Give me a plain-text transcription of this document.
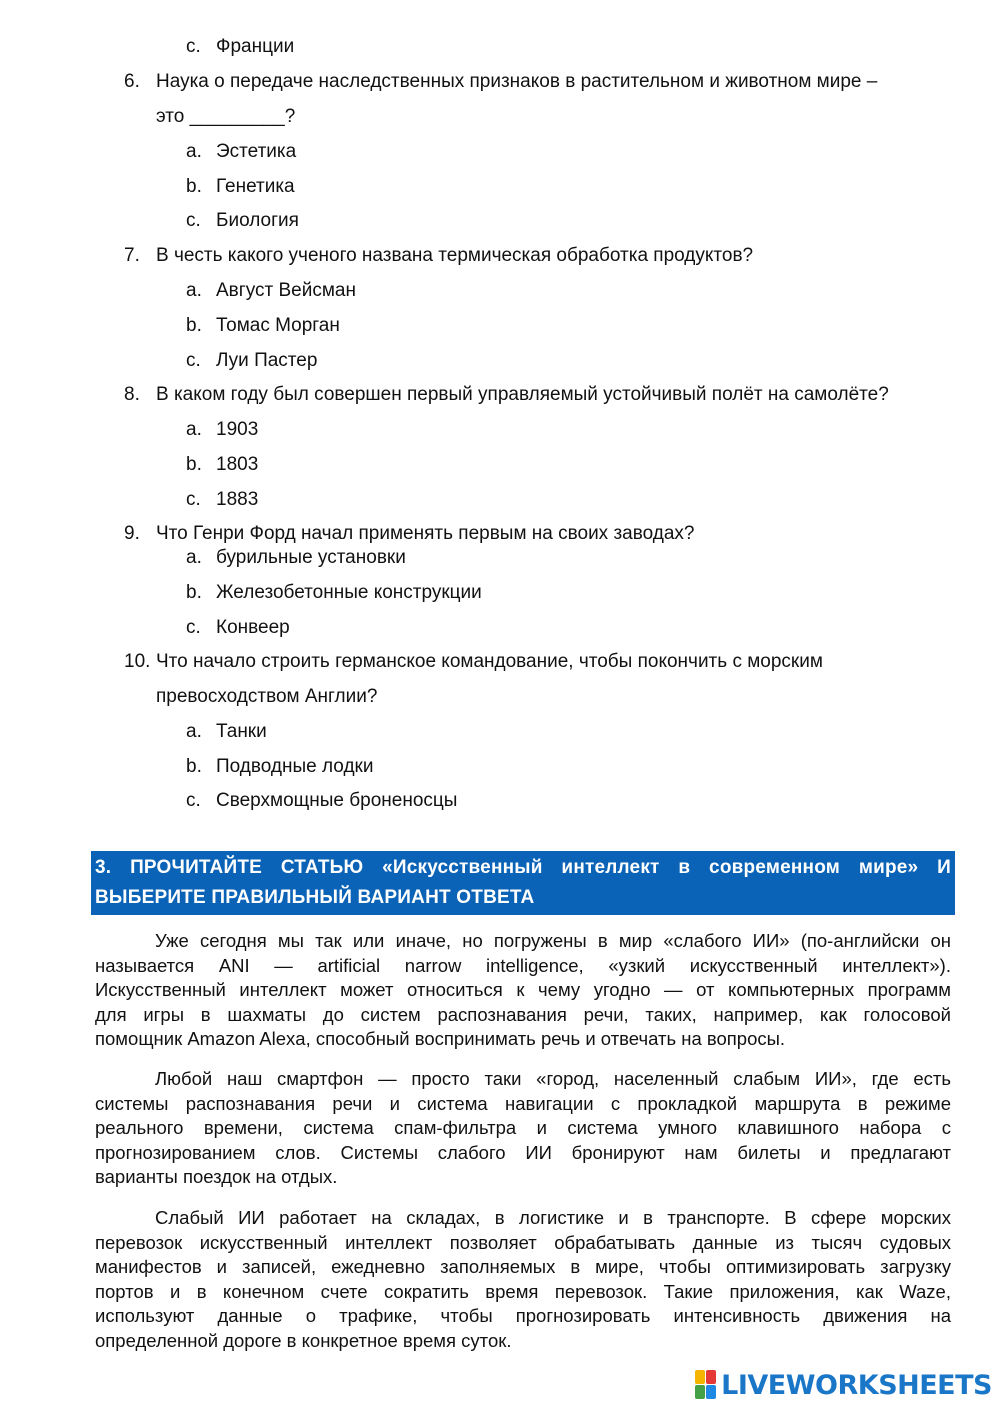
c. Франции
6. Наука о передаче наследственных признаков в растительном и животном мире –
это _________?
a. Эстетика
b. Генетика
c. Биология
7. В честь какого ученого названа термическая обработка продуктов?
a. Август Вейсман
b. Томас Морган
c. Луи Пастер
8. В каком году был совершен первый управляемый устойчивый полёт на самолёте?
a. 1903
b. 1803
c. 1883
9. Что Генри Форд начал применять первым на своих заводах?
a. бурильные установки
b. Железобетонные конструкции
c. Конвеер
10. Что начало строить германское командование, чтобы покончить с морским
превосходством Англии?
a. Танки
b. Подводные лодки
c. Сверхмощные броненосцы
3. ПРОЧИТАЙТЕ СТАТЬЮ «Искусственный интеллект в современном мире» И
ВЫБЕРИТЕ ПРАВИЛЬНЫЙ ВАРИАНТ ОТВЕТА
Уже сегодня мы так или иначе, но погружены в мир «слабого ИИ» (по-английски он
называется ANI — artificial narrow intelligence, «узкий искусственный интеллект»).
Искусственный интеллект может относиться к чему угодно — от компьютерных программ
для игры в шахматы до систем распознавания речи, таких, например, как голосовой
помощник Amazon Alexa, способный воспринимать речь и отвечать на вопросы.
Любой наш смартфон — просто таки «город, населенный слабым ИИ», где есть
системы распознавания речи и система навигации с прокладкой маршрута в режиме
реального времени, система спам-фильтра и система умного клавишного набора с
прогнозированием слов. Системы слабого ИИ бронируют нам билеты и предлагают
варианты поездок на отдых.
Слабый ИИ работает на складах, в логистике и в транспорте. В сфере морских
перевозок искусственный интеллект позволяет обрабатывать данные из тысяч судовых
манифестов и записей, ежедневно заполняемых в мире, чтобы оптимизировать загрузку
портов и в конечном счете сократить время перевозок. Такие приложения, как Waze,
используют данные о трафике, чтобы прогнозировать интенсивность движения на
определенной дороге в конкретное время суток.
LIVEWORKSHEETS
